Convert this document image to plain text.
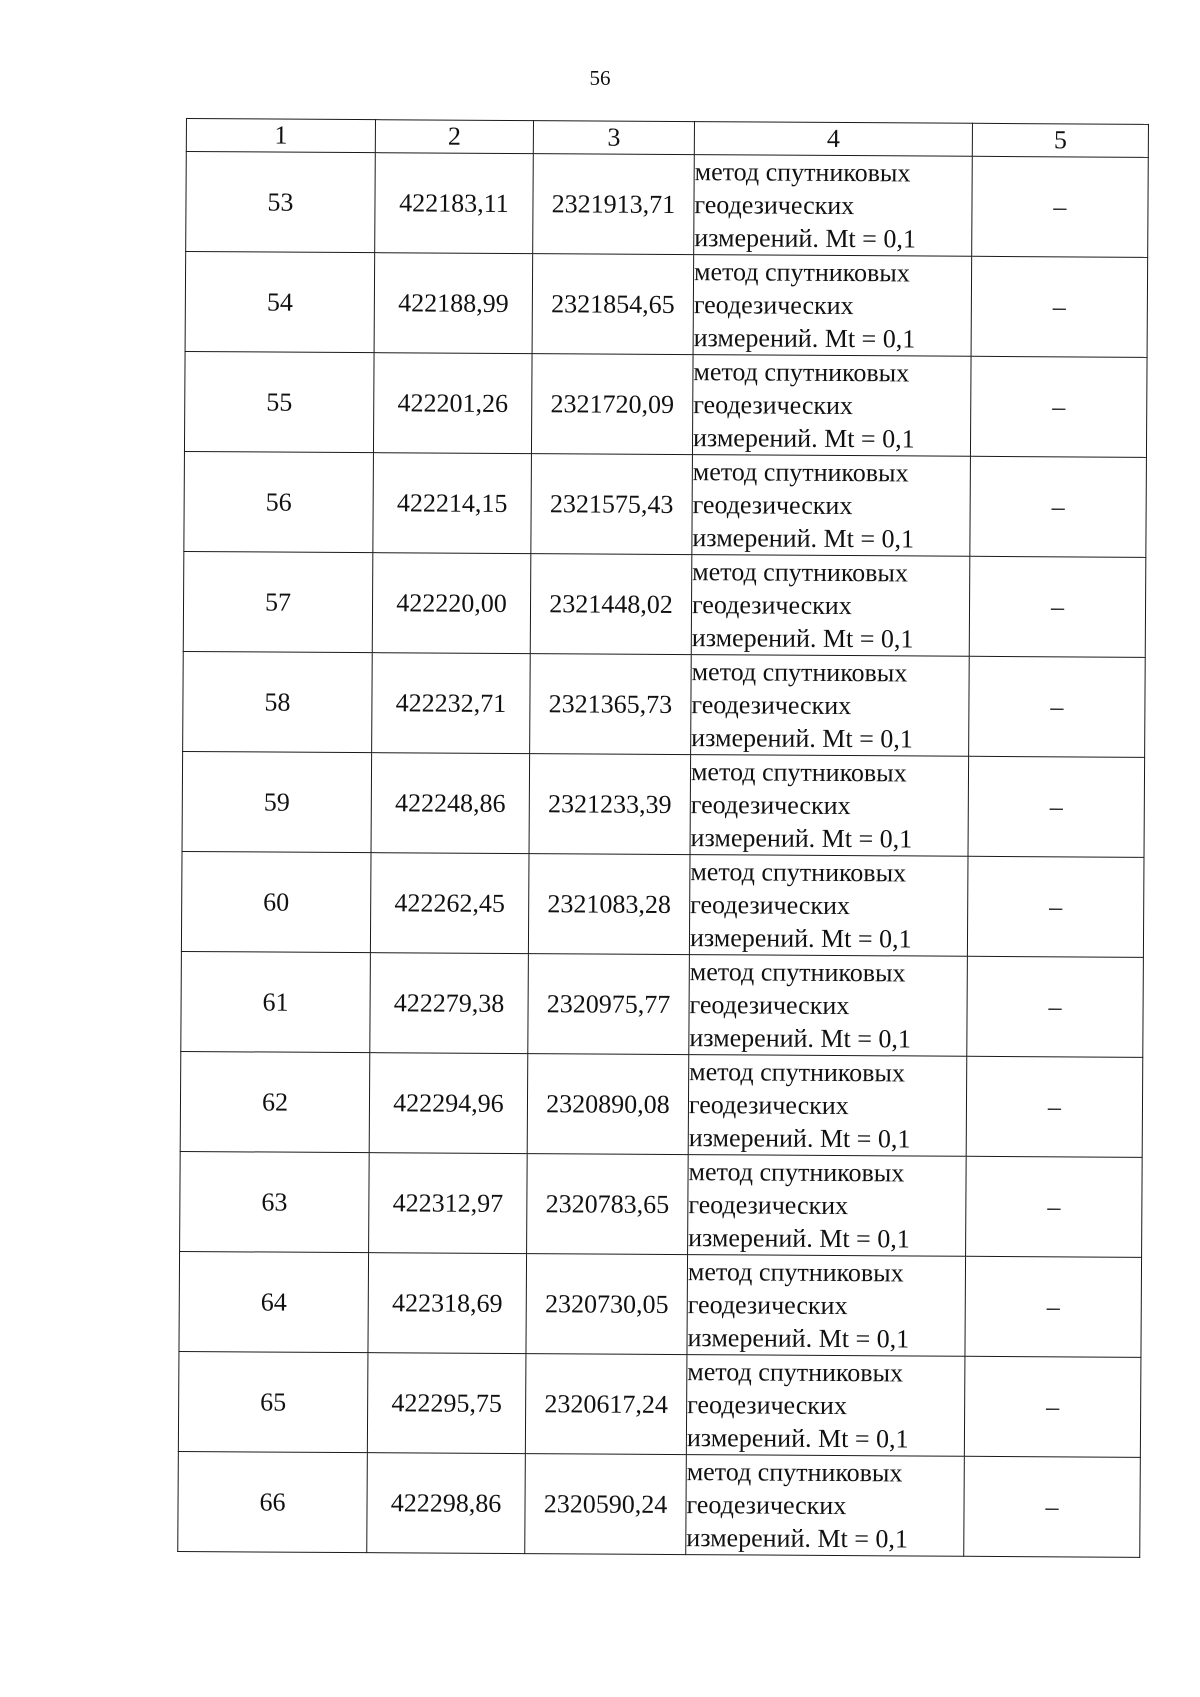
56
1	2	3	4	5
53	422183,11	2321913,71	метод спутниковых
геодезических
измерений. Mt = 0,1	–
54	422188,99	2321854,65	метод спутниковых
геодезических
измерений. Mt = 0,1	–
55	422201,26	2321720,09	метод спутниковых
геодезических
измерений. Mt = 0,1	–
56	422214,15	2321575,43	метод спутниковых
геодезических
измерений. Mt = 0,1	–
57	422220,00	2321448,02	метод спутниковых
геодезических
измерений. Mt = 0,1	–
58	422232,71	2321365,73	метод спутниковых
геодезических
измерений. Mt = 0,1	–
59	422248,86	2321233,39	метод спутниковых
геодезических
измерений. Mt = 0,1	–
60	422262,45	2321083,28	метод спутниковых
геодезических
измерений. Mt = 0,1	–
61	422279,38	2320975,77	метод спутниковых
геодезических
измерений. Mt = 0,1	–
62	422294,96	2320890,08	метод спутниковых
геодезических
измерений. Mt = 0,1	–
63	422312,97	2320783,65	метод спутниковых
геодезических
измерений. Mt = 0,1	–
64	422318,69	2320730,05	метод спутниковых
геодезических
измерений. Mt = 0,1	–
65	422295,75	2320617,24	метод спутниковых
геодезических
измерений. Mt = 0,1	–
66	422298,86	2320590,24	метод спутниковых
геодезических
измерений. Mt = 0,1	–
